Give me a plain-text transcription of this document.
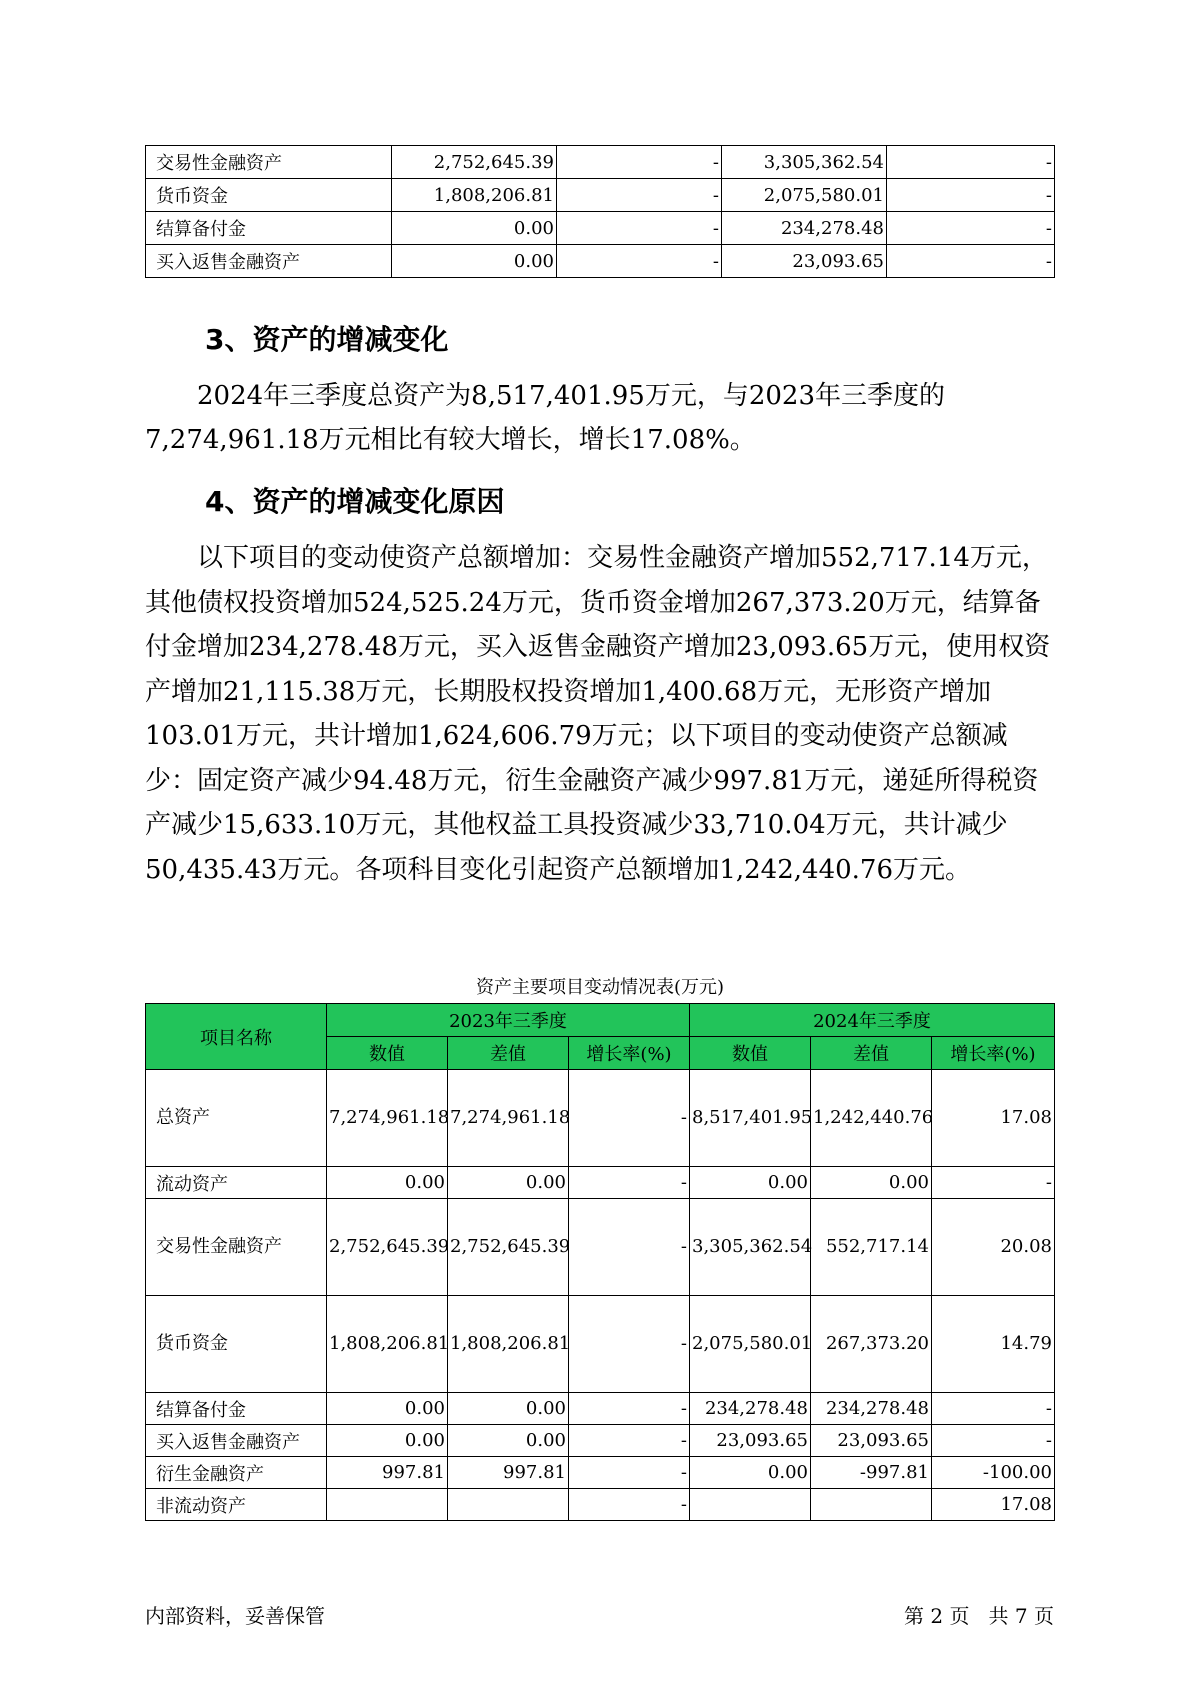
交易性金融资产	2,752,645.39	-	3,305,362.54	-
货币资金	1,808,206.81	-	2,075,580.01	-
结算备付金	0.00	-	234,278.48	-
买入返售金融资产	0.00	-	23,093.65	-
3、资产的增减变化

2024年三季度总资产为8,517,401.95万元，与2023年三季度的7,274,961.18万元相比有较大增长，增长17.08%。

4、资产的增减变化原因

以下项目的变动使资产总额增加：交易性金融资产增加552,717.14万元，其他债权投资增加524,525.24万元，货币资金增加267,373.20万元，结算备付金增加234,278.48万元，买入返售金融资产增加23,093.65万元，使用权资产增加21,115.38万元，长期股权投资增加1,400.68万元，无形资产增加103.01万元，共计增加1,624,606.79万元；以下项目的变动使资产总额减少：固定资产减少94.48万元，衍生金融资产减少997.81万元，递延所得税资产减少15,633.10万元，其他权益工具投资减少33,710.04万元，共计减少50,435.43万元。各项科目变化引起资产总额增加1,242,440.76万元。

资产主要项目变动情况表(万元)
项目名称	2023年三季度			2024年三季度		
	数值	差值	增长率(%)	数值	差值	增长率(%)
总资产	7,274,961.18	7,274,961.18	-	8,517,401.95	1,242,440.76	17.08
流动资产	0.00	0.00	-	0.00	0.00	-
交易性金融资产	2,752,645.39	2,752,645.39	-	3,305,362.54	552,717.14	20.08
货币资金	1,808,206.81	1,808,206.81	-	2,075,580.01	267,373.20	14.79
结算备付金	0.00	0.00	-	234,278.48	234,278.48	-
买入返售金融资产	0.00	0.00	-	23,093.65	23,093.65	-
衍生金融资产	997.81	997.81	-	0.00	-997.81	-100.00
非流动资产			-			17.08
内部资料，妥善保管	第 2 页   共 7 页
